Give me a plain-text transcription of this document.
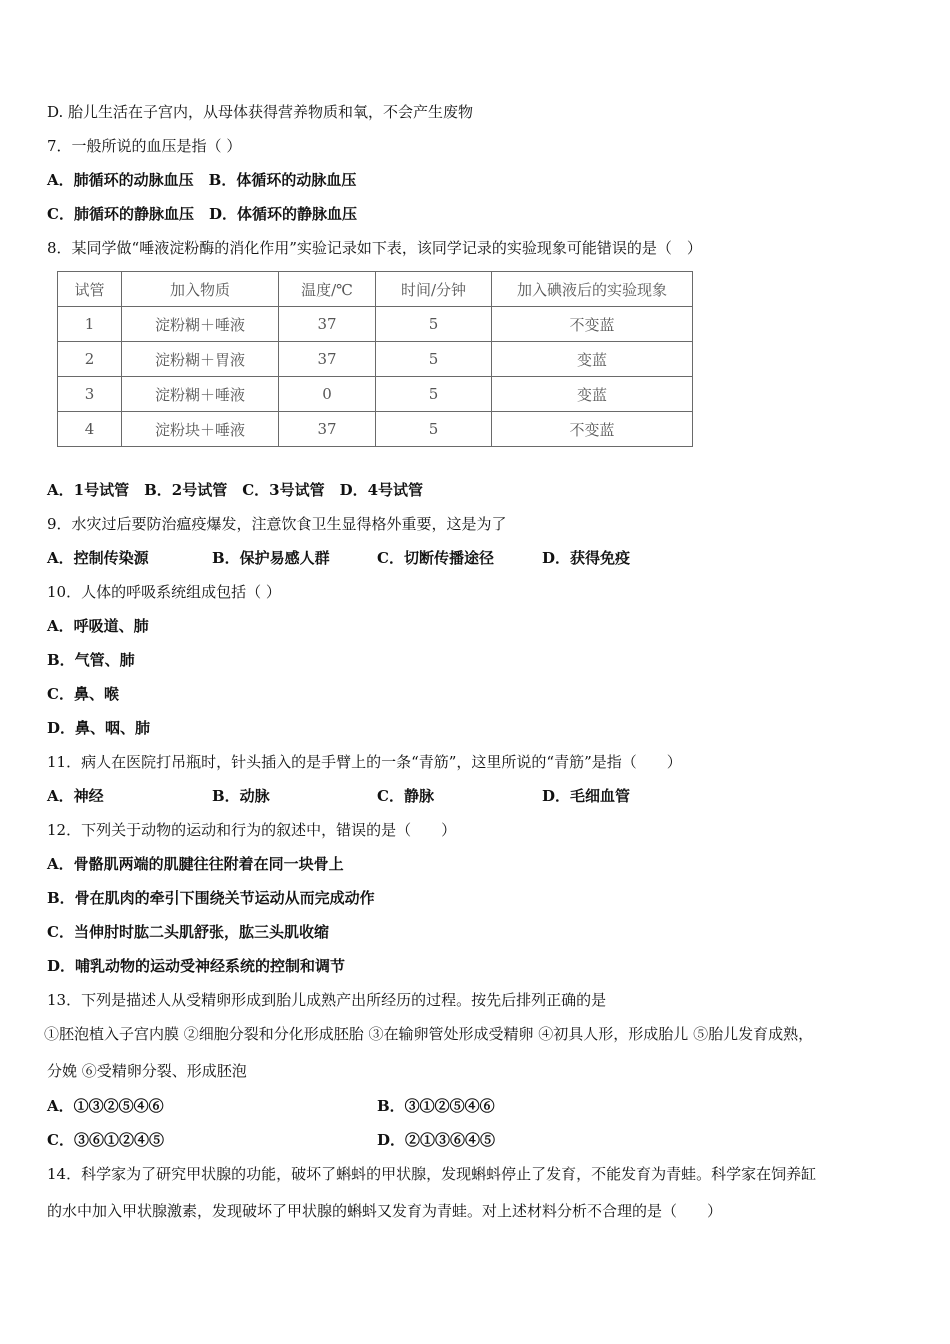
D. 胎儿生活在子宫内，从母体获得营养物质和氧，不会产生废物
7．一般所说的血压是指（ ）
A．肺循环的动脉血压　B．体循环的动脉血压
C．肺循环的静脉血压　D．体循环的静脉血压
8．某同学做“唾液淀粉酶的消化作用”实验记录如下表，该同学记录的实验现象可能错误的是（　）
试管	加入物质	温度/℃	时间/分钟	加入碘液后的实验现象
1	淀粉糊＋唾液	37	5	不变蓝
2	淀粉糊＋胃液	37	5	变蓝
3	淀粉糊＋唾液	0	5	变蓝
4	淀粉块＋唾液	37	5	不变蓝
A．1号试管　B．2号试管　C．3号试管　D．4号试管
9．水灾过后要防治瘟疫爆发，注意饮食卫生显得格外重要，这是为了
A．控制传染源	B．保护易感人群	C．切断传播途径	D．获得免疫
10．人体的呼吸系统组成包括（ ）
A．呼吸道、肺
B．气管、肺
C．鼻、喉
D．鼻、咽、肺
11．病人在医院打吊瓶时，针头插入的是手臂上的一条“青筋”，这里所说的“青筋”是指（　　）
A．神经	B．动脉	C．静脉	D．毛细血管
12．下列关于动物的运动和行为的叙述中，错误的是（　　）
A．骨骼肌两端的肌腱往往附着在同一块骨上
B．骨在肌肉的牵引下围绕关节运动从而完成动作
C．当伸肘时肱二头肌舒张，肱三头肌收缩
D．哺乳动物的运动受神经系统的控制和调节
13．下列是描述人从受精卵形成到胎儿成熟产出所经历的过程。按先后排列正确的是
①胚泡植入子宫内膜 ②细胞分裂和分化形成胚胎 ③在输卵管处形成受精卵 ④初具人形，形成胎儿 ⑤胎儿发育成熟，
分娩 ⑥受精卵分裂、形成胚泡
A．①③②⑤④⑥	B．③①②⑤④⑥
C．③⑥①②④⑤	D．②①③⑥④⑤
14．科学家为了研究甲状腺的功能，破坏了蝌蚪的甲状腺，发现蝌蚪停止了发育，不能发育为青蛙。科学家在饲养缸
的水中加入甲状腺激素，发现破坏了甲状腺的蝌蚪又发育为青蛙。对上述材料分析不合理的是（　　）
